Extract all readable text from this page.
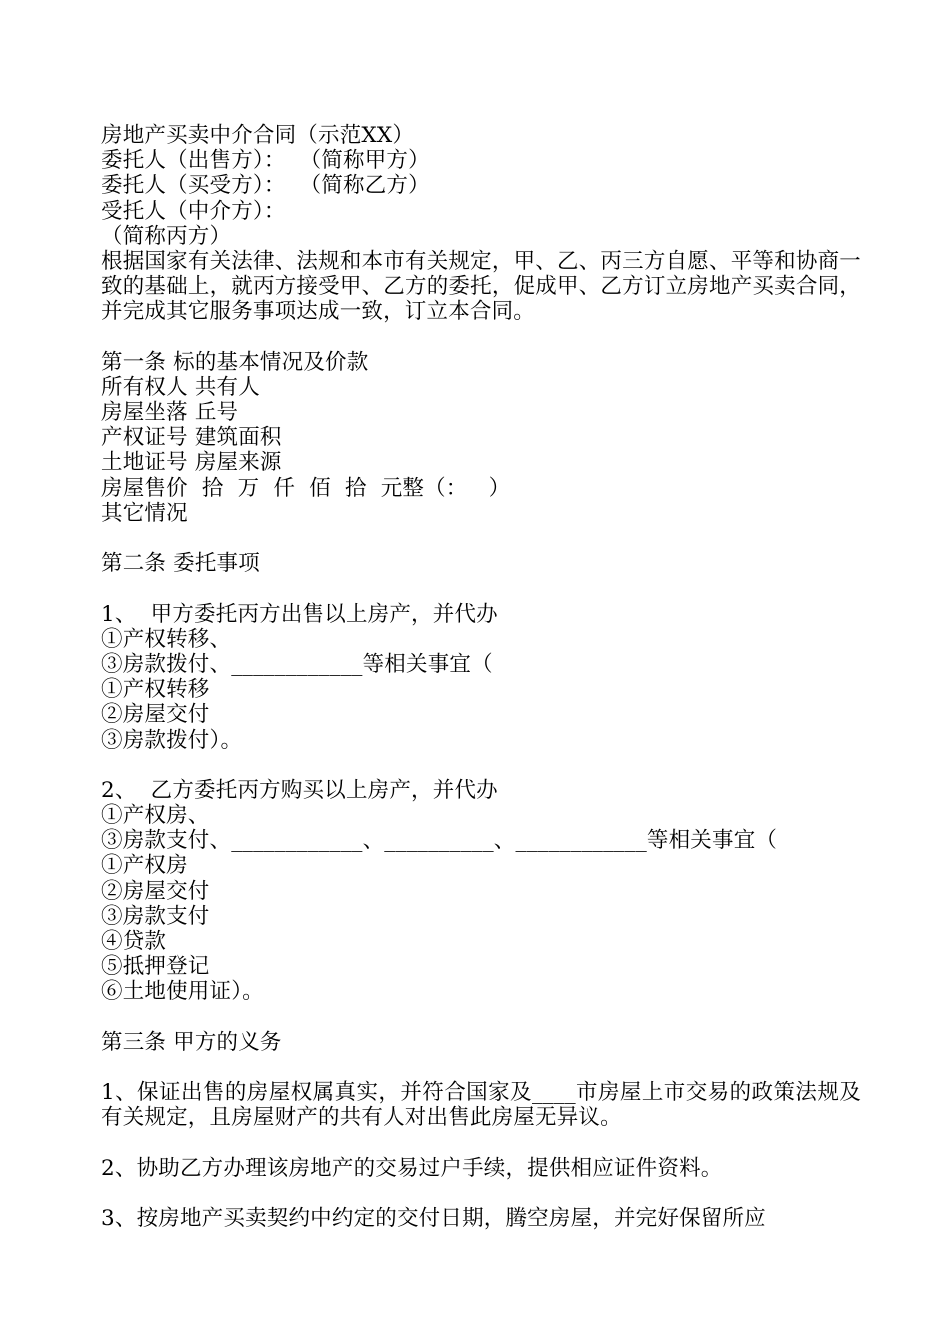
房地产买卖中介合同（示范XX）
委托人（出售方）：  （简称甲方）
委托人（买受方）：  （简称乙方）
受托人（中介方）：
（简称丙方）
根据国家有关法律、法规和本市有关规定，甲、乙、丙三方自愿、平等和协商一致的基础上，就丙方接受甲、乙方的委托，促成甲、乙方订立房地产买卖合同，并完成其它服务事项达成一致，订立本合同。
第一条 标的基本情况及价款
所有权人 共有人
房屋坐落 丘号
产权证号 建筑面积
土地证号 房屋来源
房屋售价  拾  万  仟  佰  拾  元整（：   ）
其它情况
第二条 委托事项
1、  甲方委托丙方出售以上房产，并代办
①产权转移、
③房款拨付、____________等相关事宜（
①产权转移
②房屋交付
③房款拨付）。
2、  乙方委托丙方购买以上房产，并代办
①产权房、
③房款支付、____________、__________、____________等相关事宜（
①产权房
②房屋交付
③房款支付
④贷款
⑤抵押登记
⑥土地使用证）。
第三条 甲方的义务
1、保证出售的房屋权属真实，并符合国家及____市房屋上市交易的政策法规及有关规定，且房屋财产的共有人对出售此房屋无异议。
2、协助乙方办理该房地产的交易过户手续，提供相应证件资料。
3、按房地产买卖契约中约定的交付日期，腾空房屋，并完好保留所应
